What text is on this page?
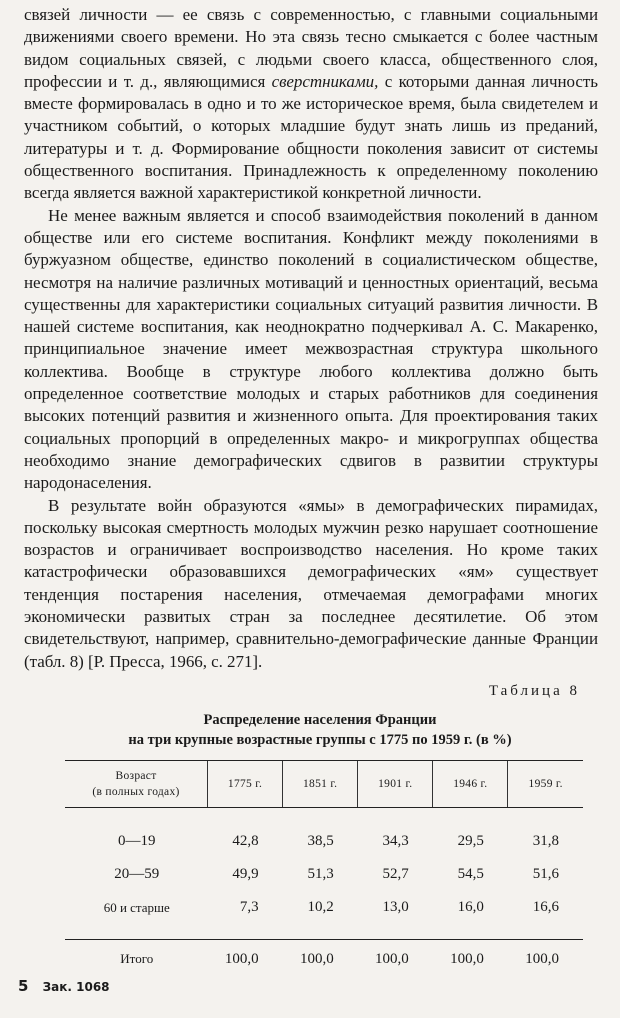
связей личности — ее связь с современностью, с главными социальными движениями своего времени. Но эта связь тесно смыкается с более частным видом социальных связей, с людьми своего класса, общественного слоя, профессии и т. д., являющимися сверстниками, с которыми данная личность вместе формировалась в одно и то же историческое время, была свидетелем и участником событий, о которых младшие будут знать лишь из преданий, литературы и т. д. Формирование общности поколения зависит от системы общественного воспитания. Принадлежность к определенному поколению всегда является важной характеристикой конкретной личности.

Не менее важным является и способ взаимодействия поколений в данном обществе или его системе воспитания. Конфликт между поколениями в буржуазном обществе, единство поколений в социалистическом обществе, несмотря на наличие различных мотиваций и ценностных ориентаций, весьма существенны для характеристики социальных ситуаций развития личности. В нашей системе воспитания, как неоднократно подчеркивал А. С. Макаренко, принципиальное значение имеет межвозрастная структура школьного коллектива. Вообще в структуре любого коллектива должно быть определенное соответствие молодых и старых работников для соединения высоких потенций развития и жизненного опыта. Для проектирования таких социальных пропорций в определенных макро- и микрогруппах общества необходимо знание демографических сдвигов в развитии структуры народонаселения.

В результате войн образуются «ямы» в демографических пирамидах, поскольку высокая смертность молодых мужчин резко нарушает соотношение возрастов и ограничивает воспроизводство населения. Но кроме таких катастрофически образовавшихся демографических «ям» существует тенденция постарения населения, отмечаемая демографами многих экономически развитых стран за последнее десятилетие. Об этом свидетельствуют, например, сравнительно-демографические данные Франции (табл. 8) [Р. Пресса, 1966, с. 271].

Таблица 8
Распределение населения Франции
на три крупные возрастные группы с 1775 по 1959 г. (в %)
Возраст
(в полных годах)	1775 г.	1851 г.	1901 г.	1946 г.	1959 г.
0—19	42,8	38,5	34,3	29,5	31,8
20—59	49,9	51,3	52,7	54,5	51,6
60 и старше	7,3	10,2	13,0	16,0	16,6
Итого	100,0	100,0	100,0	100,0	100,0
5 Зак. 1068
